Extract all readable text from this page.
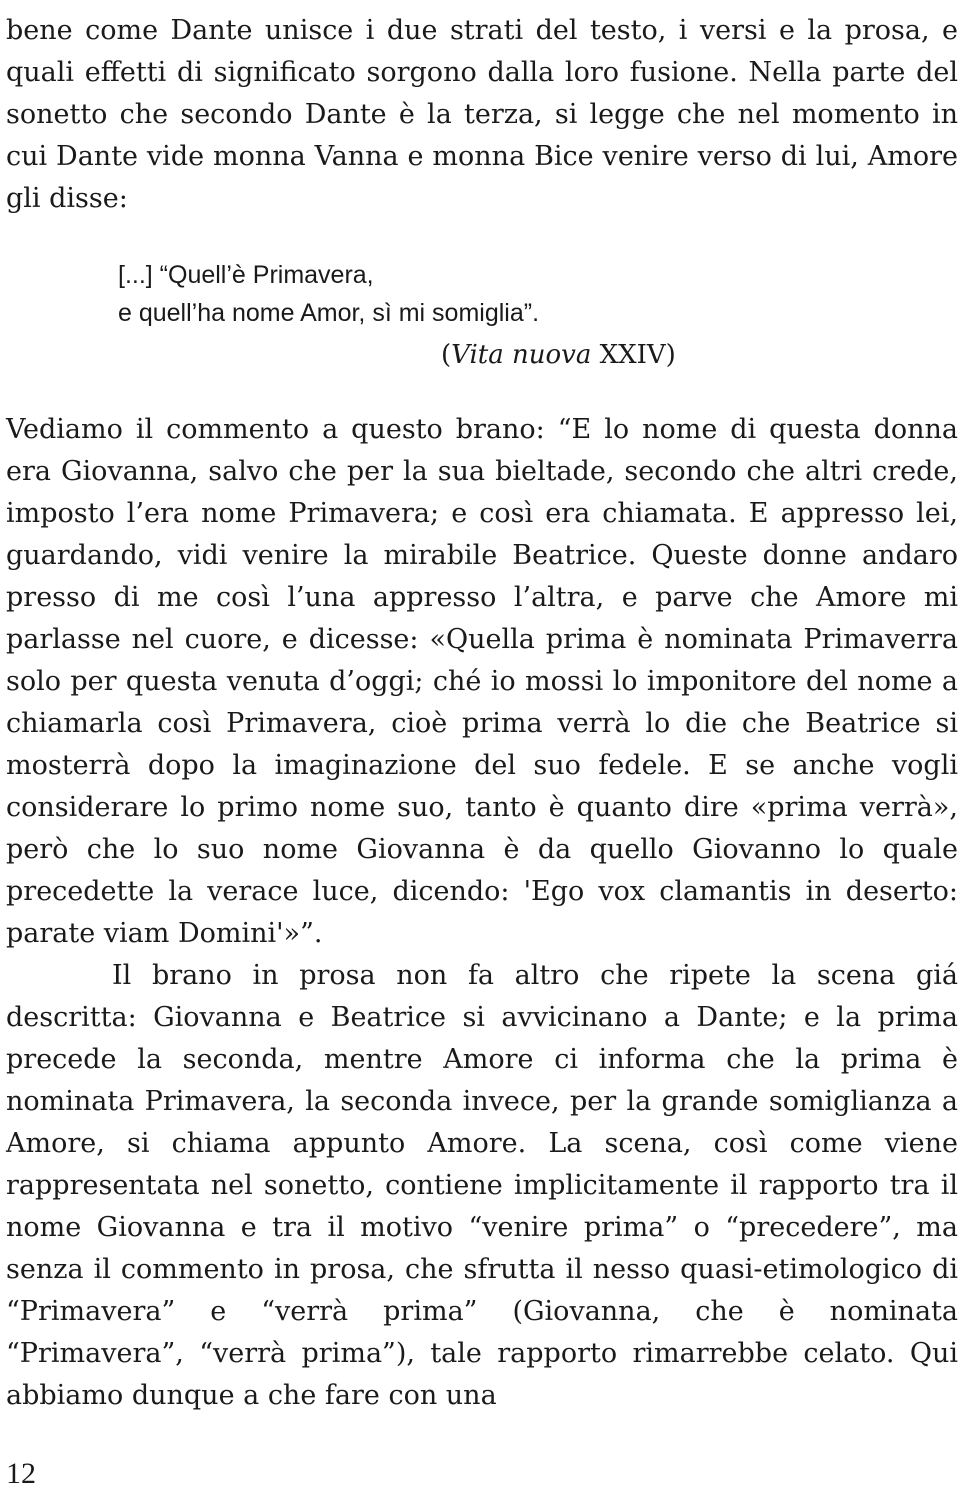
bene come Dante unisce i due strati del testo, i versi e la prosa, e quali effetti di significato sorgono dalla loro fusione. Nella parte del sonetto che secondo Dante è la terza, si legge che nel momento in cui Dante vide monna Vanna e monna Bice venire verso di lui, Amore gli disse:

[...] “Quell’è Primavera,
e quell’ha nome Amor, sì mi somiglia”.
(Vita nuova XXIV)

Vediamo il commento a questo brano: “E lo nome di questa donna era Giovanna, salvo che per la sua bieltade, secondo che altri crede, imposto l’era nome Primavera; e così era chiamata. E appresso lei, guardando, vidi venire la mirabile Beatrice. Queste donne andaro presso di me così l’una appresso l’altra, e parve che Amore mi parlasse nel cuore, e dicesse: «Quella prima è nominata Primaverra solo per questa venuta d’oggi; ché io mossi lo imponitore del nome a chiamarla così Primavera, cioè prima verrà lo die che Beatrice si mosterrà dopo la imaginazione del suo fedele. E se anche vogli considerare lo primo nome suo, tanto è quanto dire «prima verrà», però che lo suo nome Giovanna è da quello Giovanno lo quale precedette la verace luce, dicendo: 'Ego vox clamantis in deserto: parate viam Domini'»”.

Il brano in prosa non fa altro che ripete la scena giá descritta: Giovanna e Beatrice si avvicinano a Dante; e la prima precede la seconda, mentre Amore ci informa che la prima è nominata Primavera, la seconda invece, per la grande somiglianza a Amore, si chiama appunto Amore. La scena, così come viene rappresentata nel sonetto, contiene implicitamente il rapporto tra il nome Giovanna e tra il motivo “venire prima” o “precedere”, ma senza il commento in prosa, che sfrutta il nesso quasi-etimologico di “Primavera” e “verrà prima” (Giovanna, che è nominata “Primavera”, “verrà prima”), tale rapporto rimarrebbe celato. Qui abbiamo dunque a che fare con una

12
